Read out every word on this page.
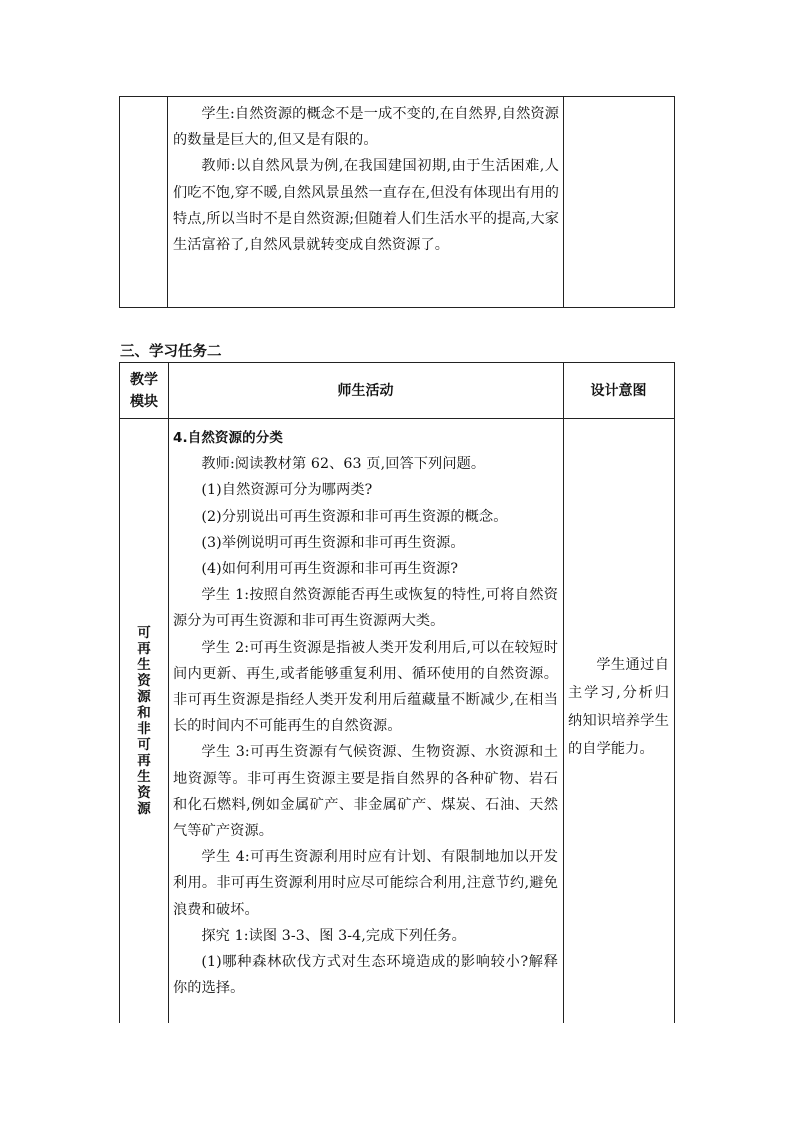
学生:自然资源的概念不是一成不变的,在自然界,自然资源的数量是巨大的,但又是有限的。

教师:以自然风景为例,在我国建国初期,由于生活困难,人们吃不饱,穿不暖,自然风景虽然一直存在,但没有体现出有用的特点,所以当时不是自然资源;但随着人们生活水平的提高,大家生活富裕了,自然风景就转变成自然资源了。

三、学习任务二

教学模块
师生活动	设计意图
可再生资源和非可再生资源

4.自然资源的分类

教师:阅读教材第 62、63 页,回答下列问题。

(1)自然资源可分为哪两类?

(2)分别说出可再生资源和非可再生资源的概念。

(3)举例说明可再生资源和非可再生资源。

(4)如何利用可再生资源和非可再生资源?

学生 1:按照自然资源能否再生或恢复的特性,可将自然资源分为可再生资源和非可再生资源两大类。

学生 2:可再生资源是指被人类开发利用后,可以在较短时间内更新、再生,或者能够重复利用、循环使用的自然资源。非可再生资源是指经人类开发利用后蕴藏量不断减少,在相当长的时间内不可能再生的自然资源。

学生 3:可再生资源有气候资源、生物资源、水资源和土地资源等。非可再生资源主要是指自然界的各种矿物、岩石和化石燃料,例如金属矿产、非金属矿产、煤炭、石油、天然气等矿产资源。

学生 4:可再生资源利用时应有计划、有限制地加以开发利用。非可再生资源利用时应尽可能综合利用,注意节约,避免浪费和破坏。

探究 1:读图 3-3、图 3-4,完成下列任务。

(1)哪种森林砍伐方式对生态环境造成的影响较小?解释你的选择。

学生通过自主学习,分析归纳知识培养学生的自学能力。
